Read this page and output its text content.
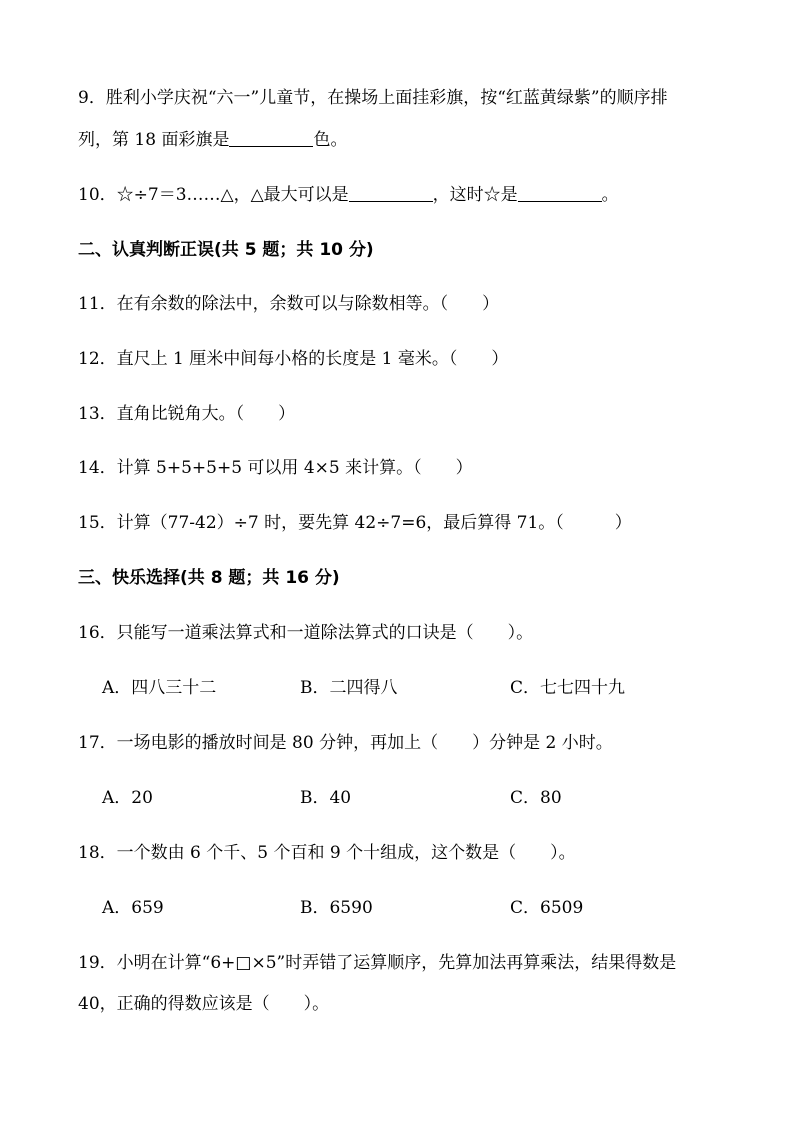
9．胜利小学庆祝“六一”儿童节，在操场上面挂彩旗，按“红蓝黄绿紫”的顺序排
列，第 18 面彩旗是	色。
10．☆÷7＝3……△，△最大可以是	，这时☆是	。
二、认真判断正误(共 5 题；共 10 分)
11．在有余数的除法中，余数可以与除数相等。（　　）
12．直尺上 1 厘米中间每小格的长度是 1 毫米。（　　）
13．直角比锐角大。（　　）
14．计算 5+5+5+5 可以用 4×5 来计算。（　　）
15．计算（77-42）÷7 时，要先算 42÷7=6，最后算得 71。（　　　）
三、快乐选择(共 8 题；共 16 分)
16．只能写一道乘法算式和一道除法算式的口诀是（　　）。
A．四八三十二	B．二四得八	C．七七四十九
17．一场电影的播放时间是 80 分钟，再加上（　　）分钟是 2 小时。
A．20	B．40	C．80
18．一个数由 6 个千、5 个百和 9 个十组成，这个数是（　　）。
A．659	B．6590	C．6509
19．小明在计算“6+□×5”时弄错了运算顺序，先算加法再算乘法，结果得数是
40，正确的得数应该是（　　）。
